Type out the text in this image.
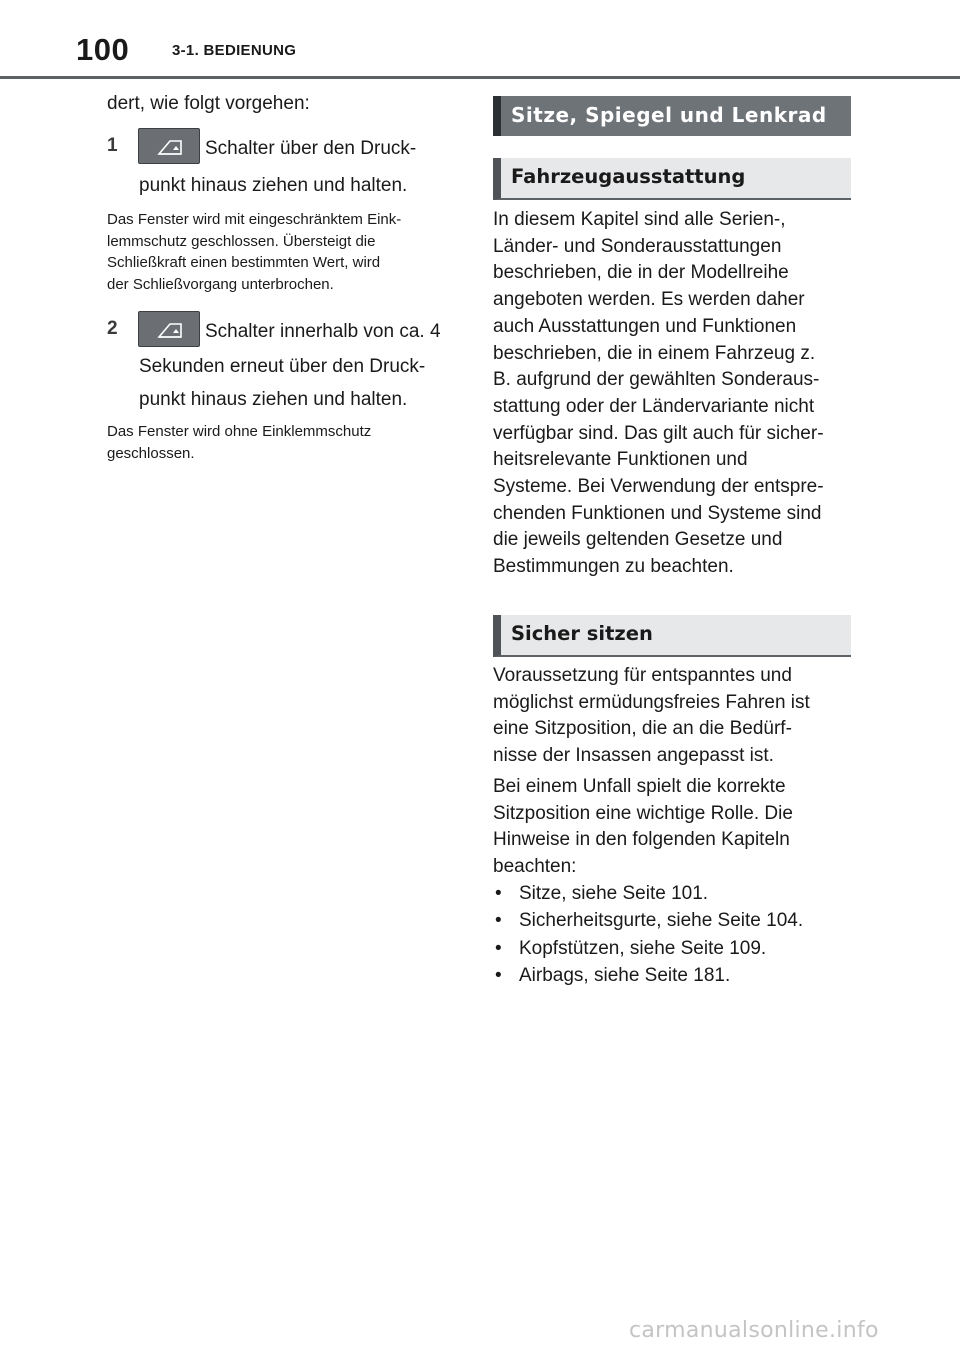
100	3-1. BEDIENUNG

dert, wie folgt vorgehen:

1	Schalter über den Druck-
punkt hinaus ziehen und halten.
Das Fenster wird mit eingeschränktem Eink-
lemmschutz geschlossen. Übersteigt die
Schließkraft einen bestimmten Wert, wird
der Schließvorgang unterbrochen.
2	Schalter innerhalb von ca. 4
Sekunden erneut über den Druck-
punkt hinaus ziehen und halten.
Das Fenster wird ohne Einklemmschutz
geschlossen.
Sitze, Spiegel und Lenkrad
Fahrzeugausstattung
In diesem Kapitel sind alle Serien-,
Länder- und Sonderausstattungen
beschrieben, die in der Modellreihe
angeboten werden. Es werden daher
auch Ausstattungen und Funktionen
beschrieben, die in einem Fahrzeug z.
B. aufgrund der gewählten Sonderaus-
stattung oder der Ländervariante nicht
verfügbar sind. Das gilt auch für sicher-
heitsrelevante Funktionen und
Systeme. Bei Verwendung der entspre-
chenden Funktionen und Systeme sind
die jeweils geltenden Gesetze und
Bestimmungen zu beachten.
Sicher sitzen
Voraussetzung für entspanntes und
möglichst ermüdungsfreies Fahren ist
eine Sitzposition, die an die Bedürf-
nisse der Insassen angepasst ist.
Bei einem Unfall spielt die korrekte
Sitzposition eine wichtige Rolle. Die
Hinweise in den folgenden Kapiteln
beachten:
• Sitze, siehe Seite 101.
• Sicherheitsgurte, siehe Seite 104.
• Kopfstützen, siehe Seite 109.
• Airbags, siehe Seite 181.
carmanualsonline.info
